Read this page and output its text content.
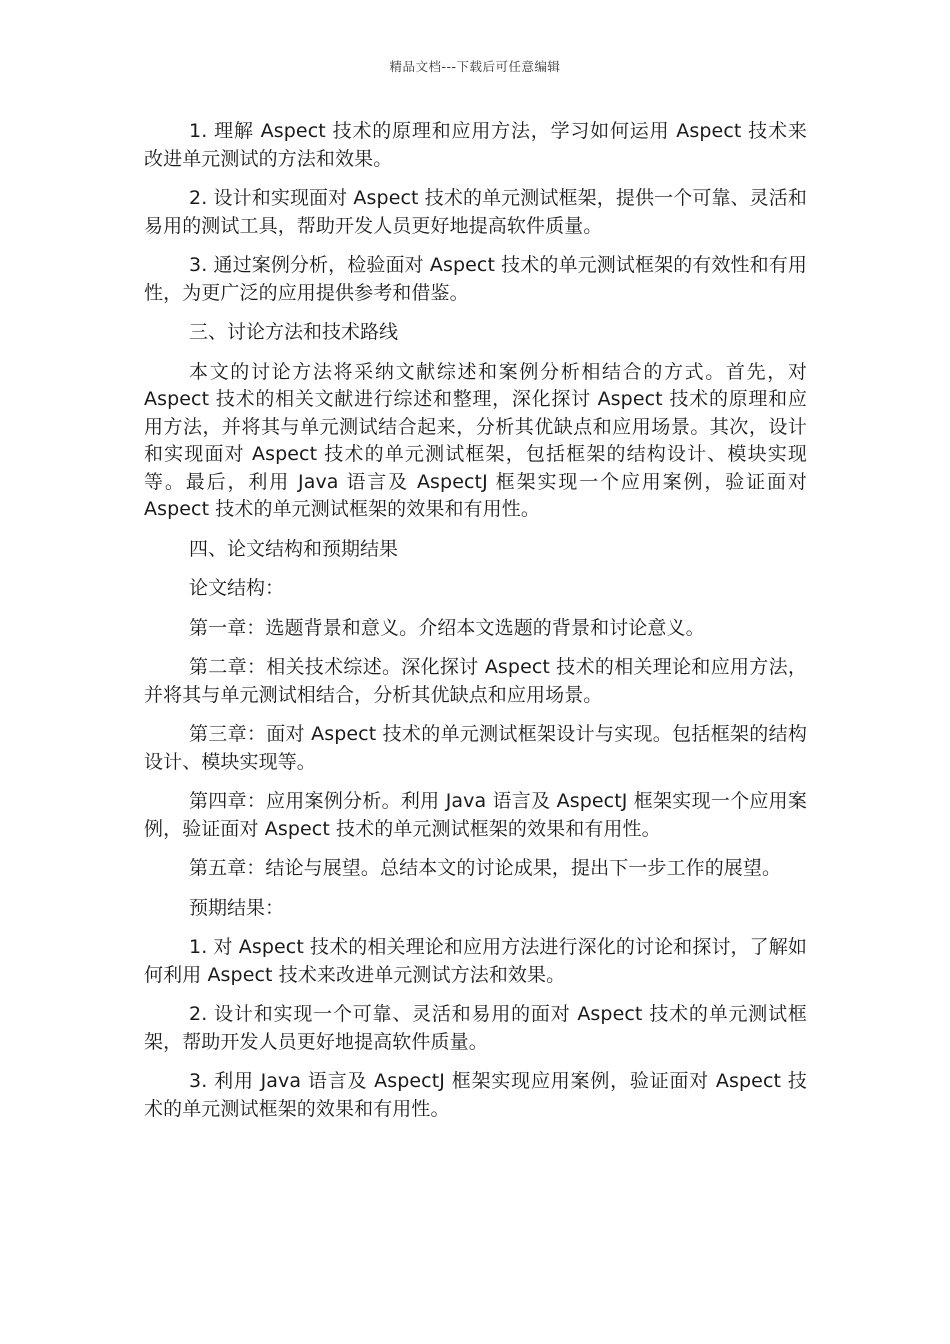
精品文档---下载后可任意编辑

1. 理解 Aspect 技术的原理和应用方法，学习如何运用 Aspect 技术来改进单元测试的方法和效果。

2. 设计和实现面对 Aspect 技术的单元测试框架，提供一个可靠、灵活和易用的测试工具，帮助开发人员更好地提高软件质量。

3. 通过案例分析，检验面对 Aspect 技术的单元测试框架的有效性和有用性，为更广泛的应用提供参考和借鉴。

三、讨论方法和技术路线

本文的讨论方法将采纳文献综述和案例分析相结合的方式。首先，对 Aspect 技术的相关文献进行综述和整理，深化探讨 Aspect 技术的原理和应用方法，并将其与单元测试结合起来，分析其优缺点和应用场景。其次，设计和实现面对 Aspect 技术的单元测试框架，包括框架的结构设计、模块实现等。最后，利用 Java 语言及 AspectJ 框架实现一个应用案例，验证面对 Aspect 技术的单元测试框架的效果和有用性。

四、论文结构和预期结果

论文结构：

第一章：选题背景和意义。介绍本文选题的背景和讨论意义。

第二章：相关技术综述。深化探讨 Aspect 技术的相关理论和应用方法，并将其与单元测试相结合，分析其优缺点和应用场景。

第三章：面对 Aspect 技术的单元测试框架设计与实现。包括框架的结构设计、模块实现等。

第四章：应用案例分析。利用 Java 语言及 AspectJ 框架实现一个应用案例，验证面对 Aspect 技术的单元测试框架的效果和有用性。

第五章：结论与展望。总结本文的讨论成果，提出下一步工作的展望。

预期结果：

1. 对 Aspect 技术的相关理论和应用方法进行深化的讨论和探讨，了解如何利用 Aspect 技术来改进单元测试方法和效果。

2. 设计和实现一个可靠、灵活和易用的面对 Aspect 技术的单元测试框架，帮助开发人员更好地提高软件质量。

3. 利用 Java 语言及 AspectJ 框架实现应用案例，验证面对 Aspect 技术的单元测试框架的效果和有用性。
